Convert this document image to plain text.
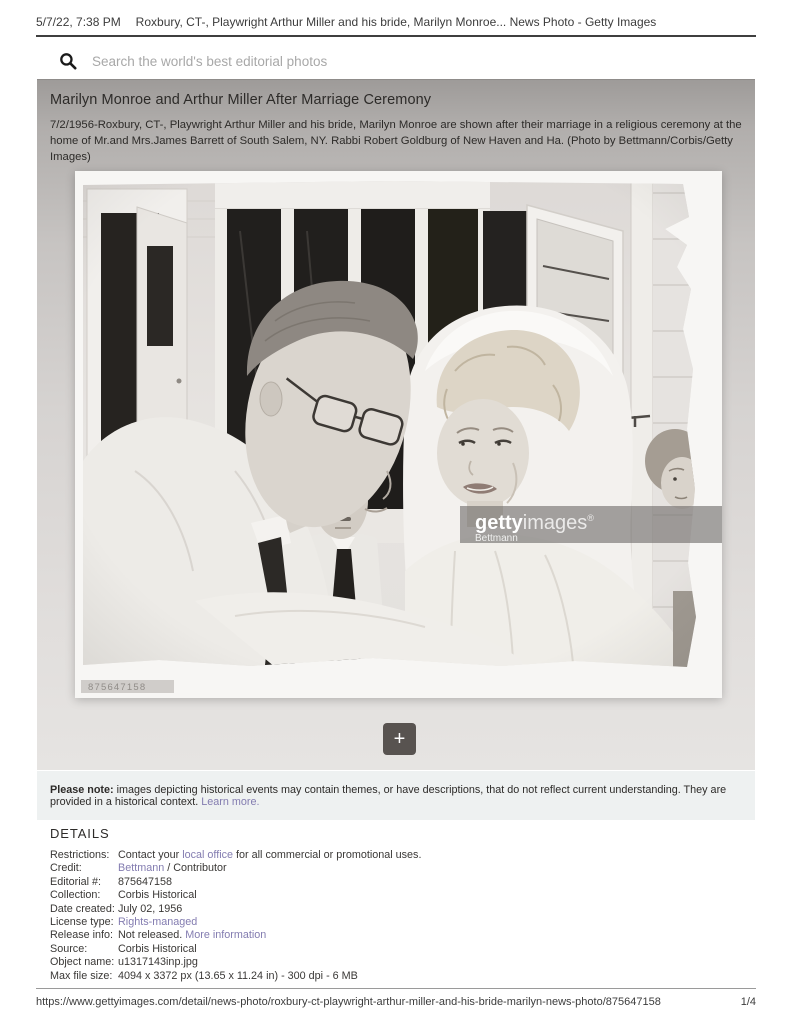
5/7/22, 7:38 PM Roxbury, CT-, Playwright Arthur Miller and his bride, Marilyn Monroe... News Photo - Getty Images
Search the world's best editorial photos
Marilyn Monroe and Arthur Miller After Marriage Ceremony
7/2/1956-Roxbury, CT-, Playwright Arthur Miller and his bride, Marilyn Monroe are shown after their marriage in a religious ceremony at the home of Mr.and Mrs.James Barrett of South Salem, NY. Rabbi Robert Goldburg of New Haven and Ha. (Photo by Bettmann/Corbis/Getty Images)
gettyimages®
Bettmann
875647158
+
Please note: images depicting historical events may contain themes, or have descriptions, that do not reflect current understanding. They are provided in a historical context. Learn more.
DETAILS
Restrictions: Contact your local office for all commercial or promotional uses.
Credit:	Bettmann / Contributor
Editorial #:	875647158
Collection:	Corbis Historical
Date created: July 02, 1956
License type: Rights-managed
Release info: Not released. More information
Source:	Corbis Historical
Object name: u1317143inp.jpg
Max file size: 4094 x 3372 px (13.65 x 11.24 in) - 300 dpi - 6 MB
https://www.gettyimages.com/detail/news-photo/roxbury-ct-playwright-arthur-miller-and-his-bride-marilyn-news-photo/875647158	1/4
